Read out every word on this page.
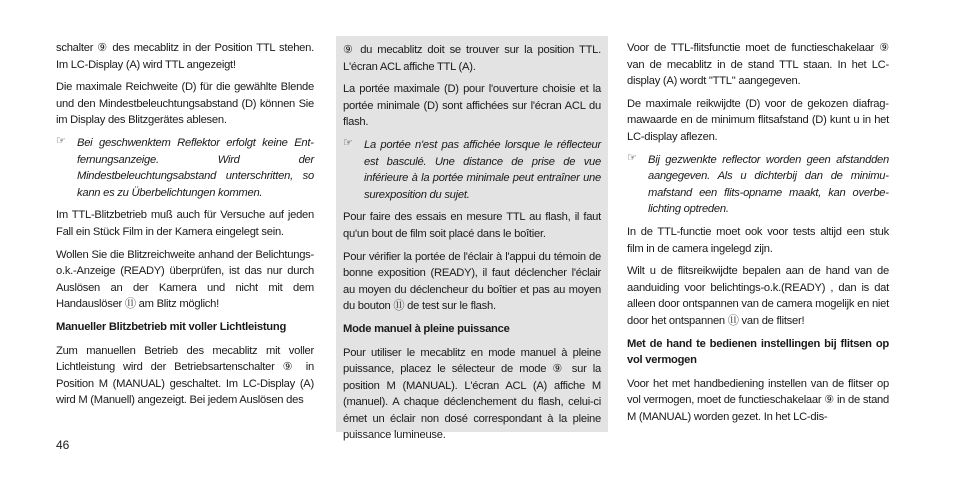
schalter ⑨ des mecablitz in der Position TTL stehen. Im LC-Display (A) wird TTL angezeigt!

Die maximale Reichweite (D) für die gewählte Blende und den Mindestbeleuchtungsabstand (D) können Sie im Display des Blitzgerätes ablesen.

☞	Bei geschwenktem Reflektor erfolgt keine Entfernungsanzeige. Wird der Mindestbeleuchtungsabstand unterschritten, so kann es zu Überbelichtungen kommen.

Im TTL-Blitzbetrieb muß auch für Versuche auf jeden Fall ein Stück Film in der Kamera eingelegt sein.

Wollen Sie die Blitzreichweite anhand der Belichtungs-o.k.-Anzeige (READY) überprüfen, ist das nur durch Auslösen an der Kamera und nicht mit dem Handauslöser ⑪ am Blitz möglich!

Manueller Blitzbetrieb mit voller Lichtleistung

Zum manuellen Betrieb des mecablitz mit voller Lichtleistung wird der Betriebsartenschalter ⑨ in Position M (MANUAL) geschaltet. Im LC-Display (A) wird M (Manuell) angezeigt. Bei jedem Auslösen des

⑨ du mecablitz doit se trouver sur la position TTL. L'écran ACL affiche TTL (A).

La portée maximale (D) pour l'ouverture choisie et la portée minimale (D) sont affichées sur l'écran ACL du flash.

☞	La portée n'est pas affichée lorsque le réflecteur est basculé. Une distance de prise de vue inférieure à la portée minimale peut entraîner une surexposition du sujet.

Pour faire des essais en mesure TTL au flash, il faut qu'un bout de film soit placé dans le boîtier.

Pour vérifier la portée de l'éclair à l'appui du témoin de bonne exposition (READY), il faut déclencher l'éclair au moyen du déclencheur du boîtier et pas au moyen du bouton ⑪ de test sur le flash.

Mode manuel à pleine puissance

Pour utiliser le mecablitz en mode manuel à pleine puissance, placez le sélecteur de mode ⑨ sur la position M (MANUAL). L'écran ACL (A) affiche M (manuel). A chaque déclenchement du flash, celui-ci émet un éclair non dosé correspondant à la pleine puissance lumineuse.

Voor de TTL-flitsfunctie moet de functieschakelaar ⑨ van de mecablitz in de stand TTL staan. In het LC-display (A) wordt "TTL" aangegeven.

De maximale reikwijdte (D) voor de gekozen diafragmawaarde en de minimum flitsafstand (D) kunt u in het LC-display aflezen.

☞	Bij gezwenkte reflector worden geen afstandden aangegeven. Als u dichterbij dan de minimumafstand een flits-opname maakt, kan overbelichting optreden.

In de TTL-functie moet ook voor tests altijd een stuk film in de camera ingelegd zijn.

Wilt u de flitsreikwijdte bepalen aan de hand van de aanduiding voor belichtings-o.k.(READY) , dan is dat alleen door ontspannen van de camera mogelijk en niet door het ontspannen ⑪ van de flitser!

Met de hand te bedienen instellingen bij flitsen op vol vermogen

Voor het met handbediening instellen van de flitser op vol vermogen, moet de functieschakelaar ⑨ in de stand M (MANUAL) worden gezet. In het LC-dis-

46
